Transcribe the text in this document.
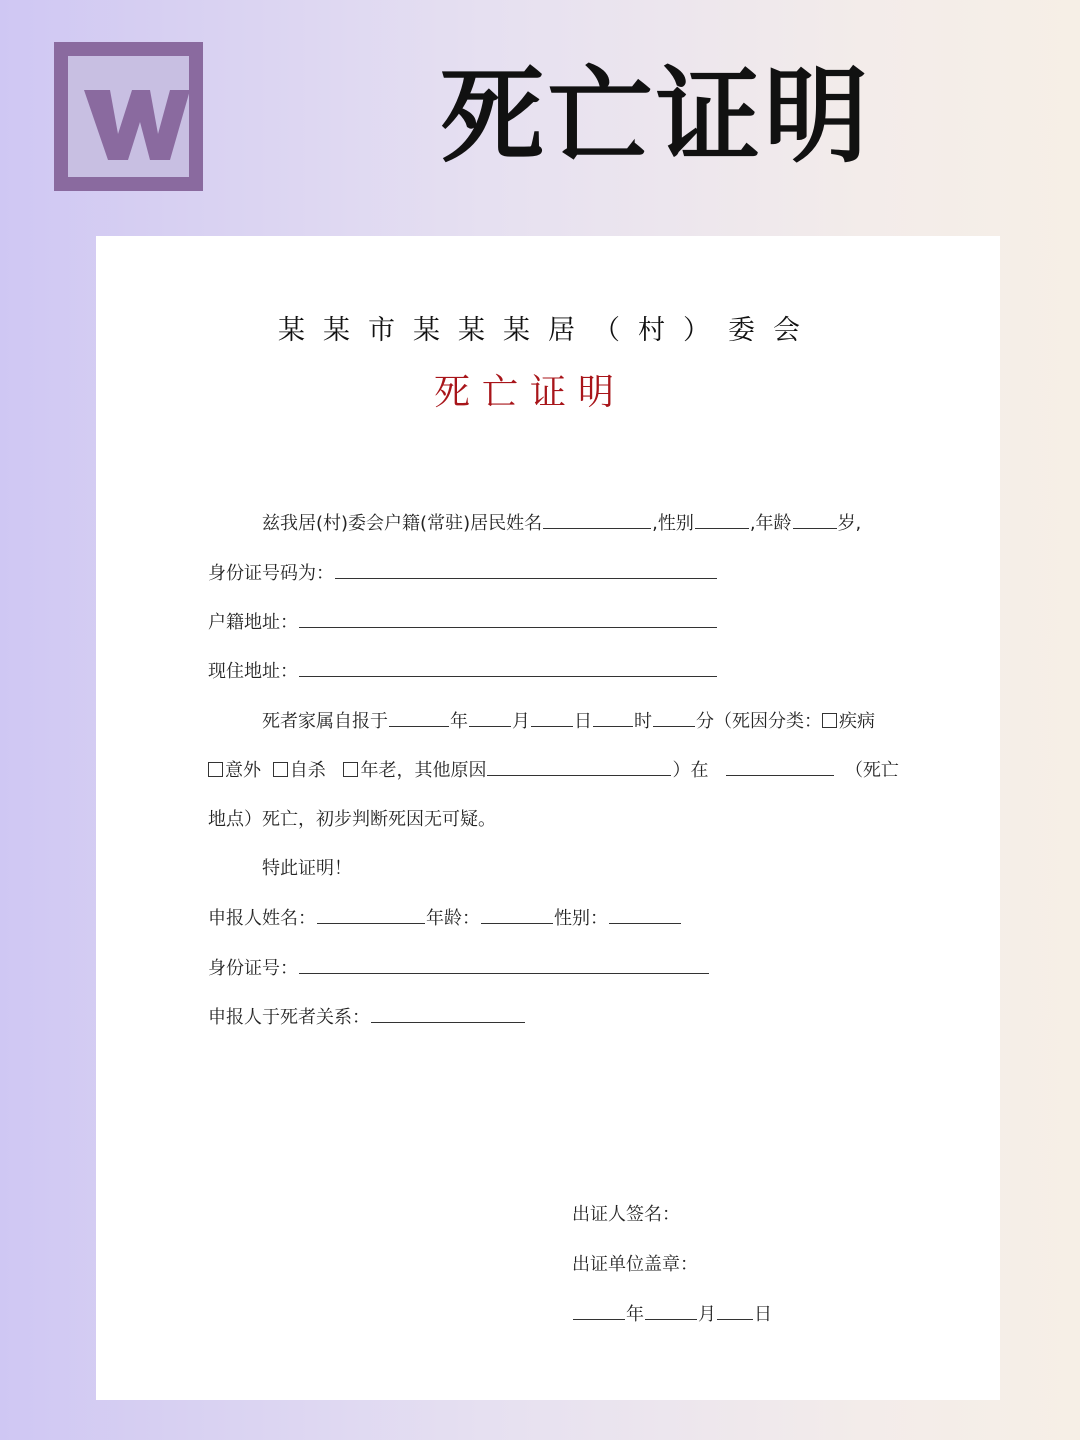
死亡证明
某某市某某某居（村）委会
死亡证明
兹我居(村)委会户籍(常驻)居民姓名	,性别	,年龄	岁,
身份证号码为：
户籍地址：
现住地址：
死者家属自报于	年 月 日 时 分（死因分类： 疾病
意外 自杀 年老，其他原因	）在	（死亡
地点）死亡，初步判断死因无可疑。
特此证明！
申报人姓名：	年龄：	性别：
身份证号：
申报人于死者关系：
出证人签名：
出证单位盖章：
年	月 日
